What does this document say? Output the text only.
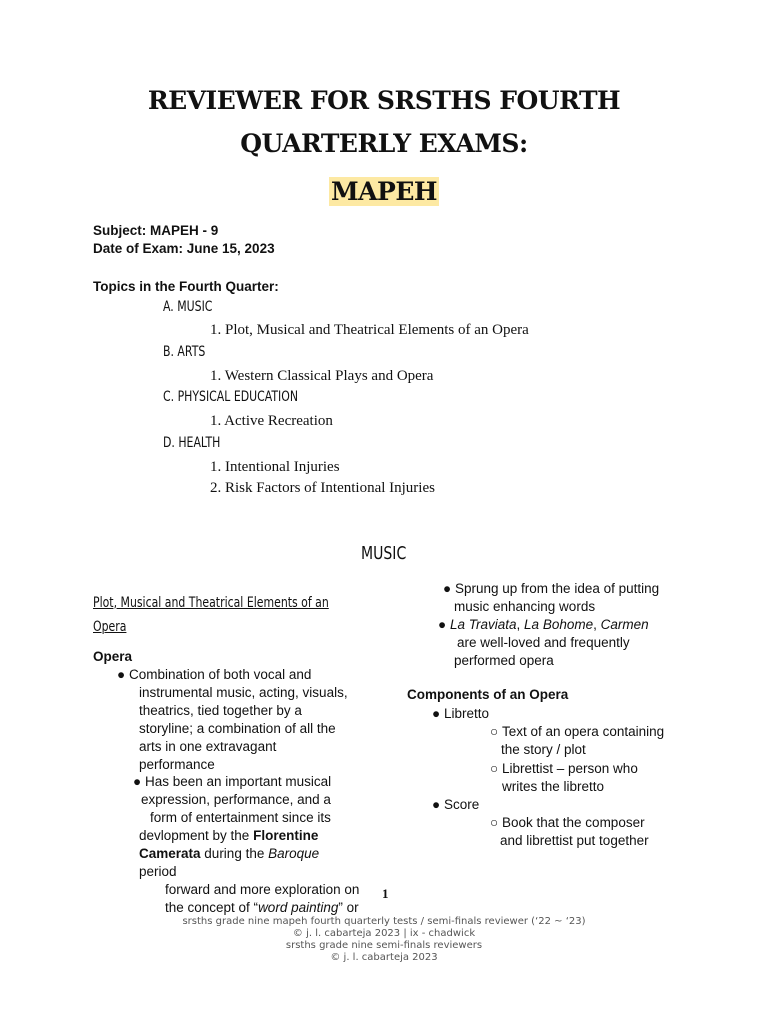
REVIEWER FOR SRSTHS FOURTH
QUARTERLY EXAMS:
MAPEH
Subject: MAPEH - 9
Date of Exam: June 15, 2023
Topics in the Fourth Quarter:
A. MUSIC
1. Plot, Musical and Theatrical Elements of an Opera
B. ARTS
1. Western Classical Plays and Opera
C. PHYSICAL EDUCATION
1. Active Recreation
D. HEALTH
1. Intentional Injuries
2. Risk Factors of Intentional Injuries
MUSIC
Plot, Musical and Theatrical Elements of an
Opera
Opera
● Combination of both vocal and
instrumental music, acting, visuals,
theatrics, tied together by a
storyline; a combination of all the
arts in one extravagant
performance
● Has been an important musical
expression, performance, and a
form of entertainment since its
devlopment by the Florentine
Camerata during the Baroque
period
forward and more exploration on
the concept of “word painting” or
● Sprung up from the idea of putting
music enhancing words
● La Traviata, La Bohome, Carmen
are well-loved and frequently
performed opera
Components of an Opera
● Libretto
○ Text of an opera containing
the story / plot
○ Librettist – person who
writes the libretto
● Score
○ Book that the composer
and librettist put together
1
srsths grade nine mapeh fourth quarterly tests / semi-finals reviewer (‘22 ~ ‘23)
© j. l. cabarteja 2023 | ix - chadwick
srsths grade nine semi-finals reviewers
© j. l. cabarteja 2023
